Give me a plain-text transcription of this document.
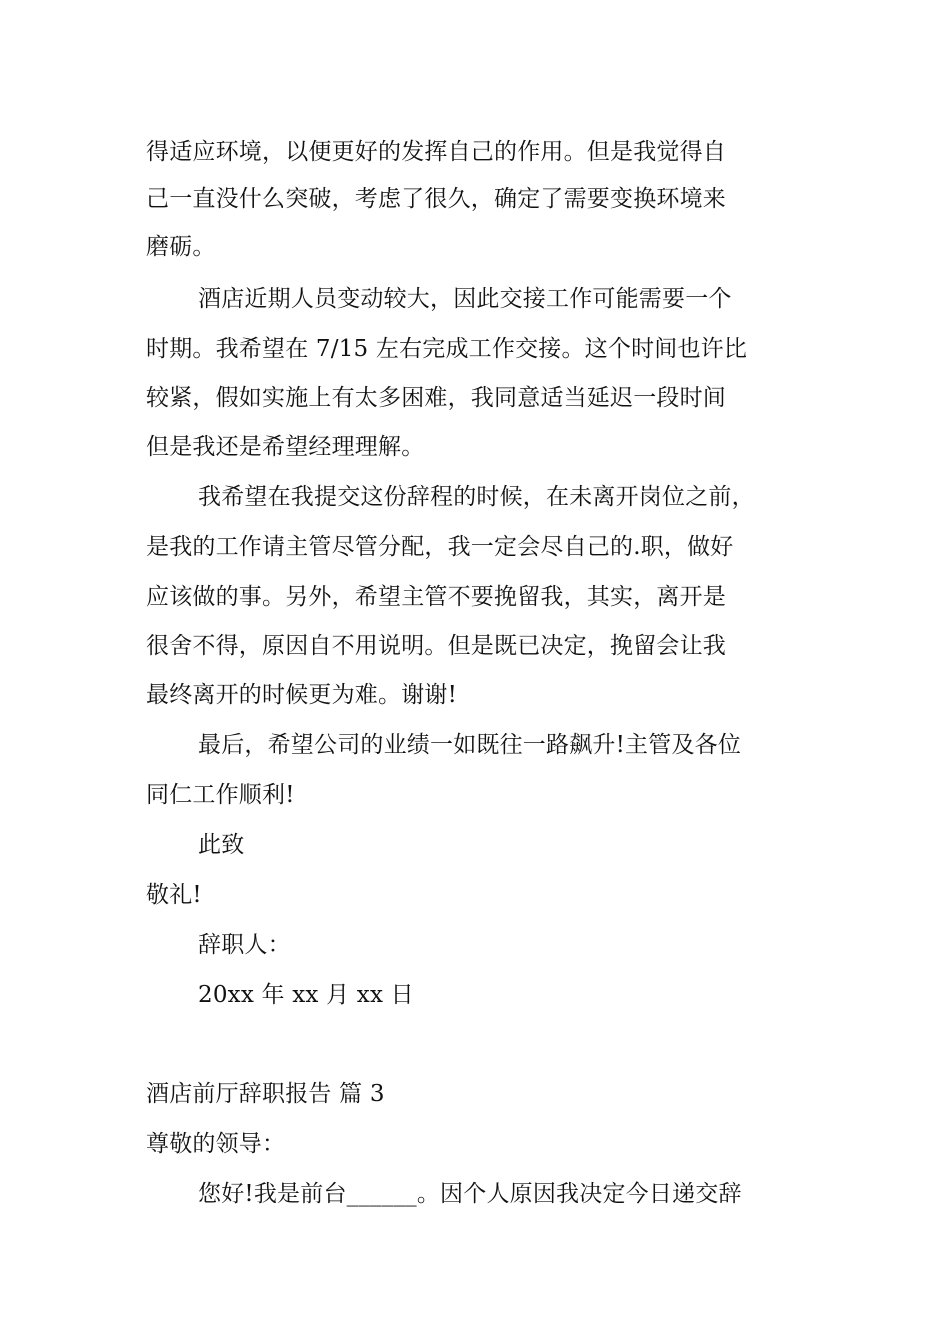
得适应环境，以便更好的发挥自己的作用。但是我觉得自
己一直没什么突破，考虑了很久，确定了需要变换环境来
磨砺。
酒店近期人员变动较大，因此交接工作可能需要一个
时期。我希望在 7/15 左右完成工作交接。这个时间也许比
较紧，假如实施上有太多困难，我同意适当延迟一段时间
但是我还是希望经理理解。
我希望在我提交这份辞程的时候，在未离开岗位之前，
是我的工作请主管尽管分配，我一定会尽自己的.职，做好
应该做的事。另外，希望主管不要挽留我，其实，离开是
很舍不得，原因自不用说明。但是既已决定，挽留会让我
最终离开的时候更为难。谢谢!
最后，希望公司的业绩一如既往一路飙升!主管及各位
同仁工作顺利!
此致
敬礼!
辞职人：
20xx 年 xx 月 xx 日
酒店前厅辞职报告 篇 3
尊敬的领导：
您好!我是前台______。因个人原因我决定今日递交辞
